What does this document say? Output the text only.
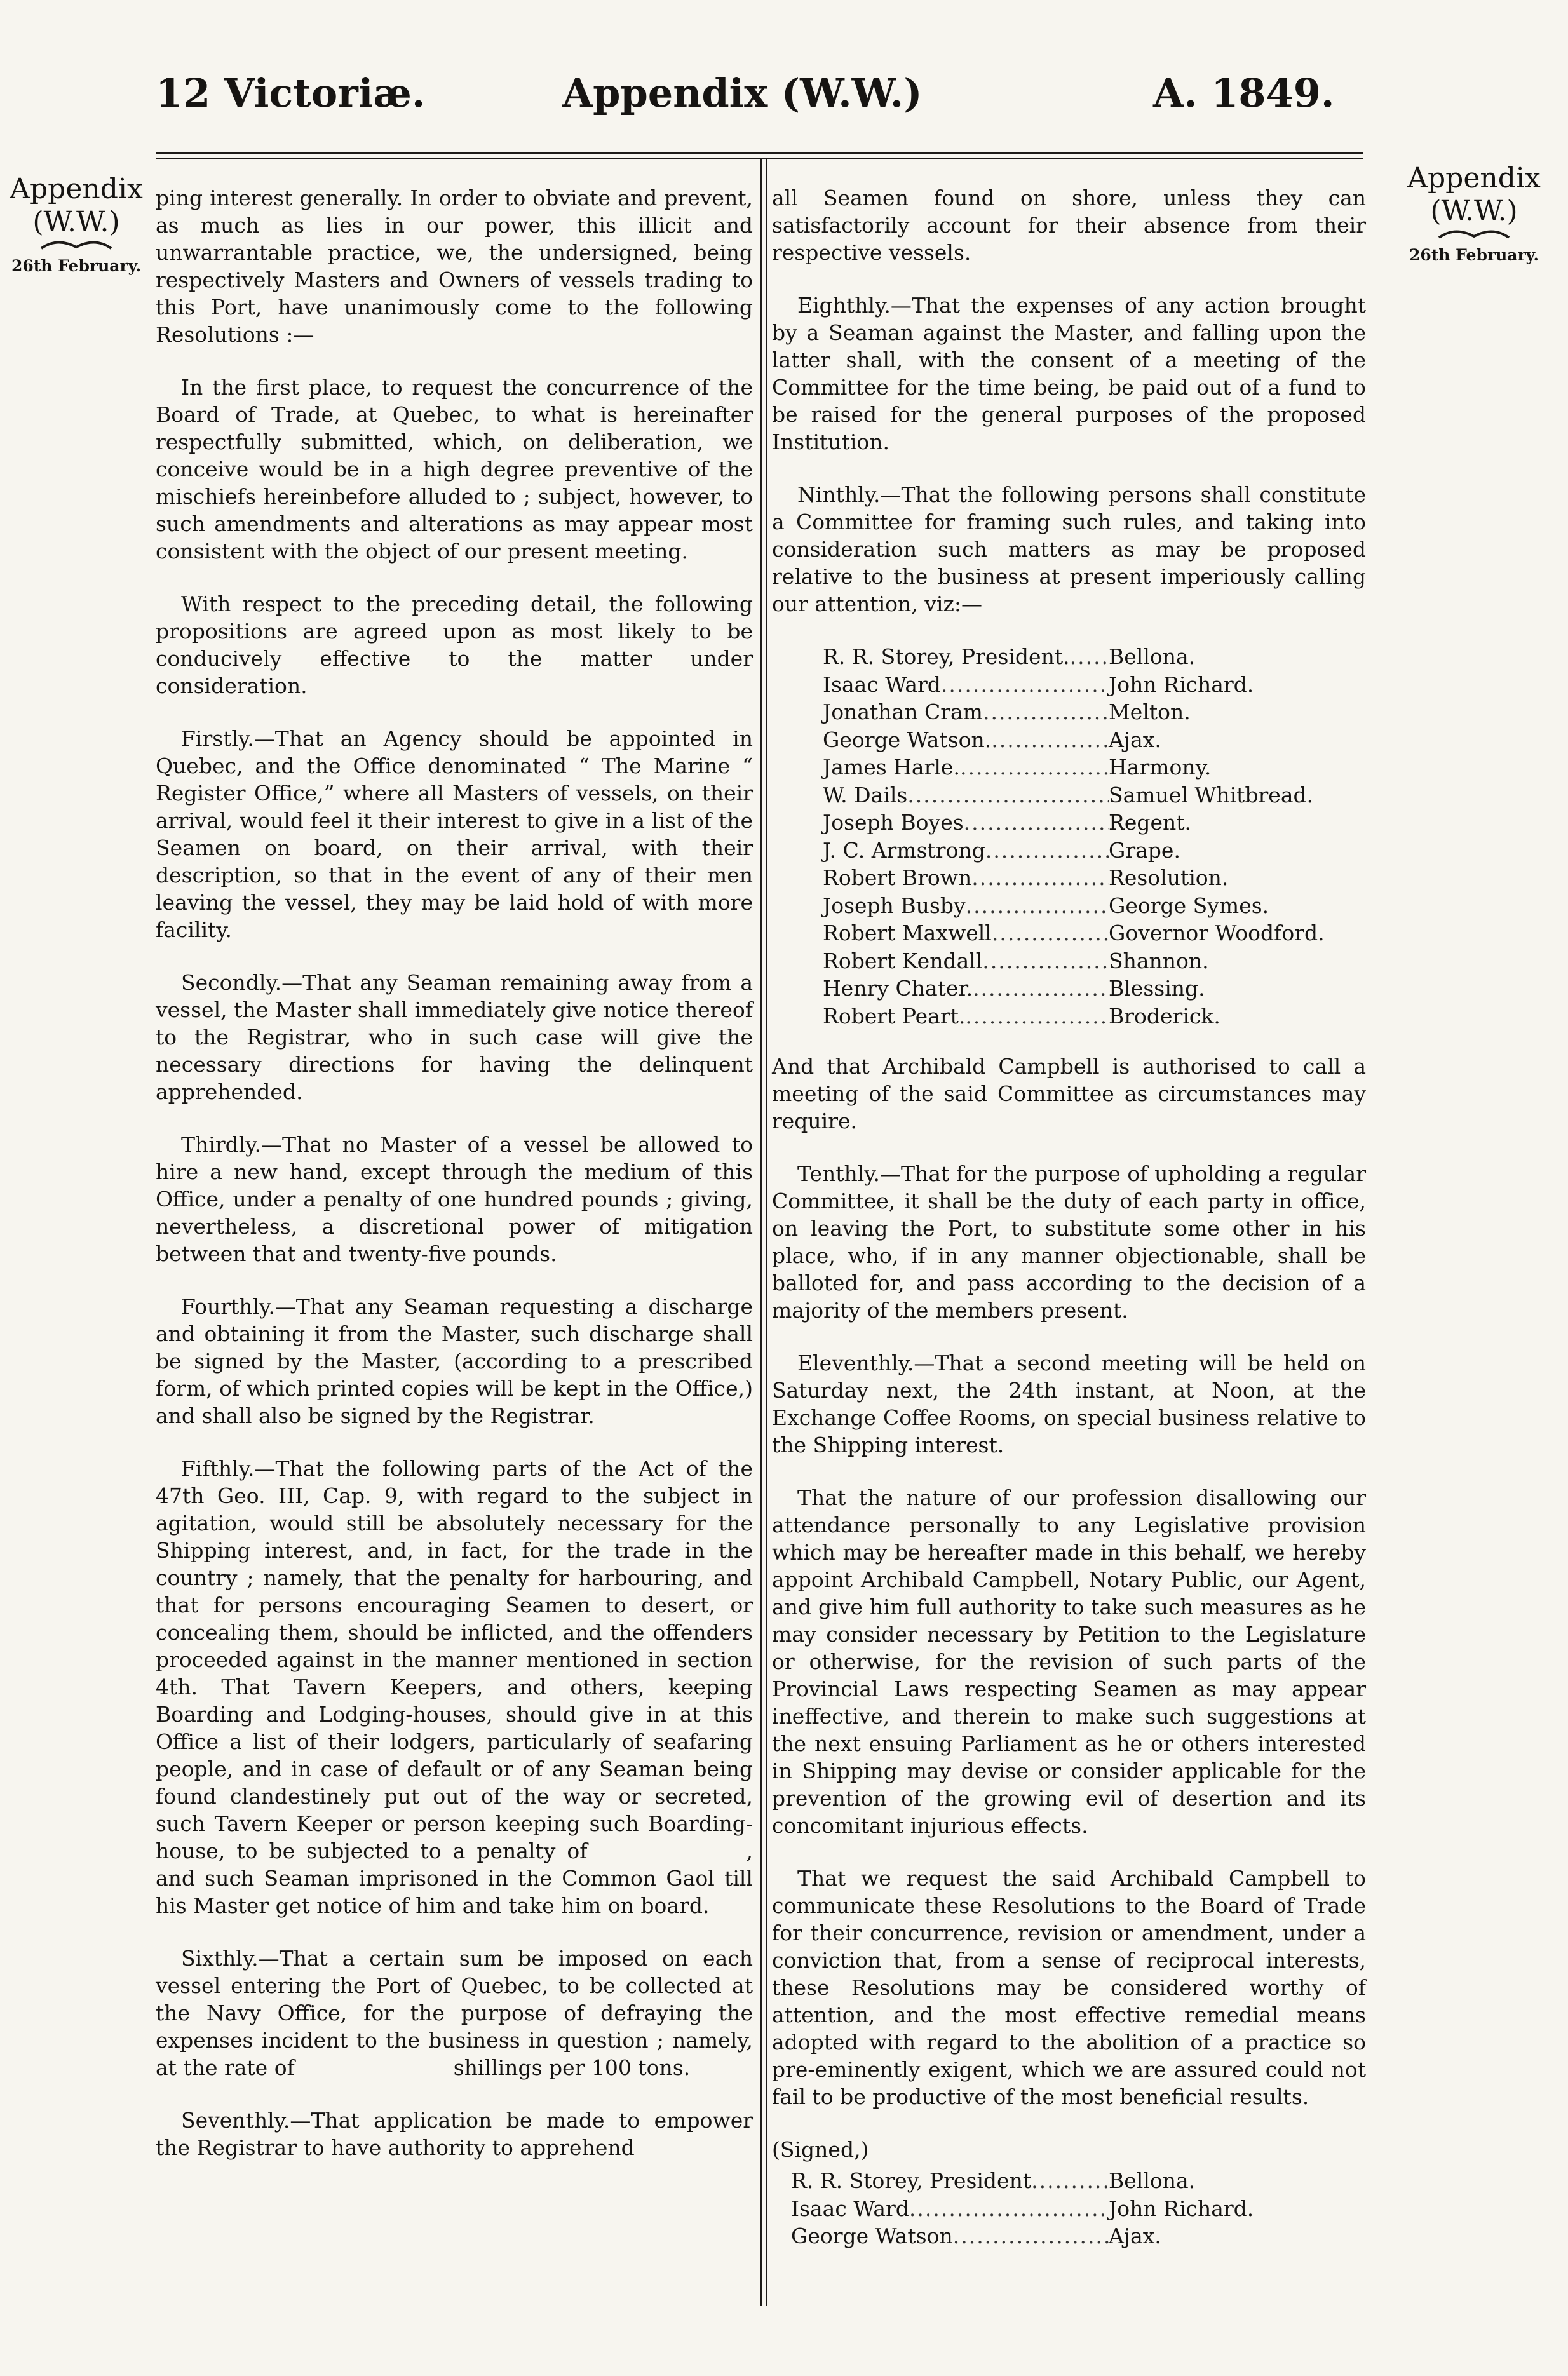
12 Victoriæ.	Appendix (W.W.)	A. 1849.
Appendix
(W.W.)
26th February.
Appendix
(W.W.)
26th February.

ping interest generally. In order to obviate and prevent, as much as lies in our power, this illicit and unwarrantable practice, we, the undersigned, being respectively Masters and Owners of vessels trading to this Port, have unanimously come to the following Resolutions :—

In the first place, to request the concurrence of the Board of Trade, at Quebec, to what is hereinafter respectfully submitted, which, on deliberation, we conceive would be in a high degree preventive of the mischiefs hereinbefore alluded to ; subject, however, to such amendments and alterations as may appear most consistent with the object of our present meeting.

With respect to the preceding detail, the following propositions are agreed upon as most likely to be conducively effective to the matter under consideration.

Firstly.—That an Agency should be appointed in Quebec, and the Office denominated “ The Marine “ Register Office,” where all Masters of vessels, on their arrival, would feel it their interest to give in a list of the Seamen on board, on their arrival, with their description, so that in the event of any of their men leaving the vessel, they may be laid hold of with more facility.

Secondly.—That any Seaman remaining away from a vessel, the Master shall immediately give notice thereof to the Registrar, who in such case will give the necessary directions for having the delinquent apprehended.

Thirdly.—That no Master of a vessel be allowed to hire a new hand, except through the medium of this Office, under a penalty of one hundred pounds ; giving, nevertheless, a discretional power of mitigation between that and twenty-five pounds.

Fourthly.—That any Seaman requesting a discharge and obtaining it from the Master, such discharge shall be signed by the Master, (according to a prescribed form, of which printed copies will be kept in the Office,) and shall also be signed by the Registrar.

Fifthly.—That the following parts of the Act of the 47th Geo. III, Cap. 9, with regard to the subject in agitation, would still be absolutely necessary for the Shipping interest, and, in fact, for the trade in the country ; namely, that the penalty for harbouring, and that for persons encouraging Seamen to desert, or concealing them, should be inflicted, and the offenders proceeded against in the manner mentioned in section 4th. That Tavern Keepers, and others, keeping Boarding and Lodging-houses, should give in at this Office a list of their lodgers, particularly of seafaring people, and in case of default or of any Seaman being found clandestinely put out of the way or secreted, such Tavern Keeper or person keeping such Boarding-house, to be subjected to a penalty of	, and such Seaman imprisoned in the Common Gaol till his Master get notice of him and take him on board.

Sixthly.—That a certain sum be imposed on each vessel entering the Port of Quebec, to be collected at the Navy Office, for the purpose of defraying the expenses incident to the business in question ; namely, at the rate of	shillings per 100 tons.

Seventhly.—That application be made to empower the Registrar to have authority to apprehend

all Seamen found on shore, unless they can satisfactorily account for their absence from their respective vessels.

Eighthly.—That the expenses of any action brought by a Seaman against the Master, and falling upon the latter shall, with the consent of a meeting of the Committee for the time being, be paid out of a fund to be raised for the general purposes of the proposed Institution.

Ninthly.—That the following persons shall constitute a Committee for framing such rules, and taking into consideration such matters as may be proposed relative to the business at present imperiously calling our attention, viz:—

R. R. Storey, President. ..... Bellona.
Isaac Ward .....	John Richard.
Jonathan Cram .....	Melton.
George Watson. .....	Ajax.
James Harle. .....	Harmony.
W. Dails .....	Samuel Whitbread.
Joseph Boyes .....	Regent.
J. C. Armstrong .....	Grape.
Robert Brown .....	Resolution.
Joseph Busby .....	George Symes.
Robert Maxwell .....	Governor Woodford.
Robert Kendall .....	Shannon.
Henry Chater. .....	Blessing.
Robert Peart. .....	Broderick.

And that Archibald Campbell is authorised to call a meeting of the said Committee as circumstances may require.

Tenthly.—That for the purpose of upholding a regular Committee, it shall be the duty of each party in office, on leaving the Port, to substitute some other in his place, who, if in any manner objectionable, shall be balloted for, and pass according to the decision of a majority of the members present.

Eleventhly.—That a second meeting will be held on Saturday next, the 24th instant, at Noon, at the Exchange Coffee Rooms, on special business relative to the Shipping interest.

That the nature of our profession disallowing our attendance personally to any Legislative provision which may be hereafter made in this behalf, we hereby appoint Archibald Campbell, Notary Public, our Agent, and give him full authority to take such measures as he may consider necessary by Petition to the Legislature or otherwise, for the revision of such parts of the Provincial Laws respecting Seamen as may appear ineffective, and therein to make such suggestions at the next ensuing Parliament as he or others interested in Shipping may devise or consider applicable for the prevention of the growing evil of desertion and its concomitant injurious effects.

That we request the said Archibald Campbell to communicate these Resolutions to the Board of Trade for their concurrence, revision or amendment, under a conviction that, from a sense of reciprocal interests, these Resolutions may be considered worthy of attention, and the most effective remedial means adopted with regard to the abolition of a practice so pre-eminently exigent, which we are assured could not fail to be productive of the most beneficial results.

(Signed,)

R. R. Storey, President .....	Bellona.
Isaac Ward .....	John Richard.
George Watson .....	Ajax.
